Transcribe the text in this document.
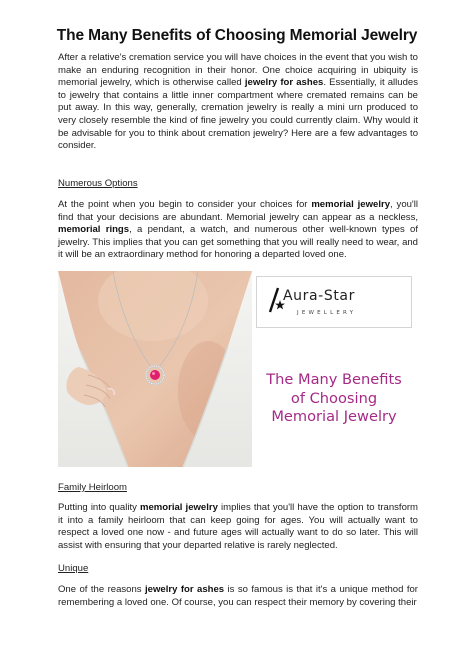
The Many Benefits of Choosing Memorial Jewelry

After a relative's cremation service you will have choices in the event that you wish to make an enduring recognition in their honor. One choice acquiring in ubiquity is memorial jewelry, which is otherwise called jewelry for ashes. Essentially, it alludes to jewelry that contains a little inner compartment where cremated remains can be put away. In this way, generally, cremation jewelry is really a mini urn produced to very closely resemble the kind of fine jewelry you could currently claim. Why would it be advisable for you to think about cremation jewelry? Here are a few advantages to consider.

Numerous Options

At the point when you begin to consider your choices for memorial jewelry, you'll find that your decisions are abundant. Memorial jewelry can appear as a neckless, memorial rings, a pendant, a watch, and numerous other well-known types of jewelry. This implies that you can get something that you will really need to wear, and it will be an extraordinary method for honoring a departed loved one.

Aura-Star
JEWELLERY
The Many Benefits
of Choosing
Memorial Jewelry
Family Heirloom

Putting into quality memorial jewelry implies that you'll have the option to transform it into a family heirloom that can keep going for ages. You will actually want to respect a loved one now - and future ages will actually want to do so later. This will assist with ensuring that your departed relative is rarely neglected.

Unique

One of the reasons jewelry for ashes is so famous is that it's a unique method for remembering a loved one. Of course, you can respect their memory by covering their
